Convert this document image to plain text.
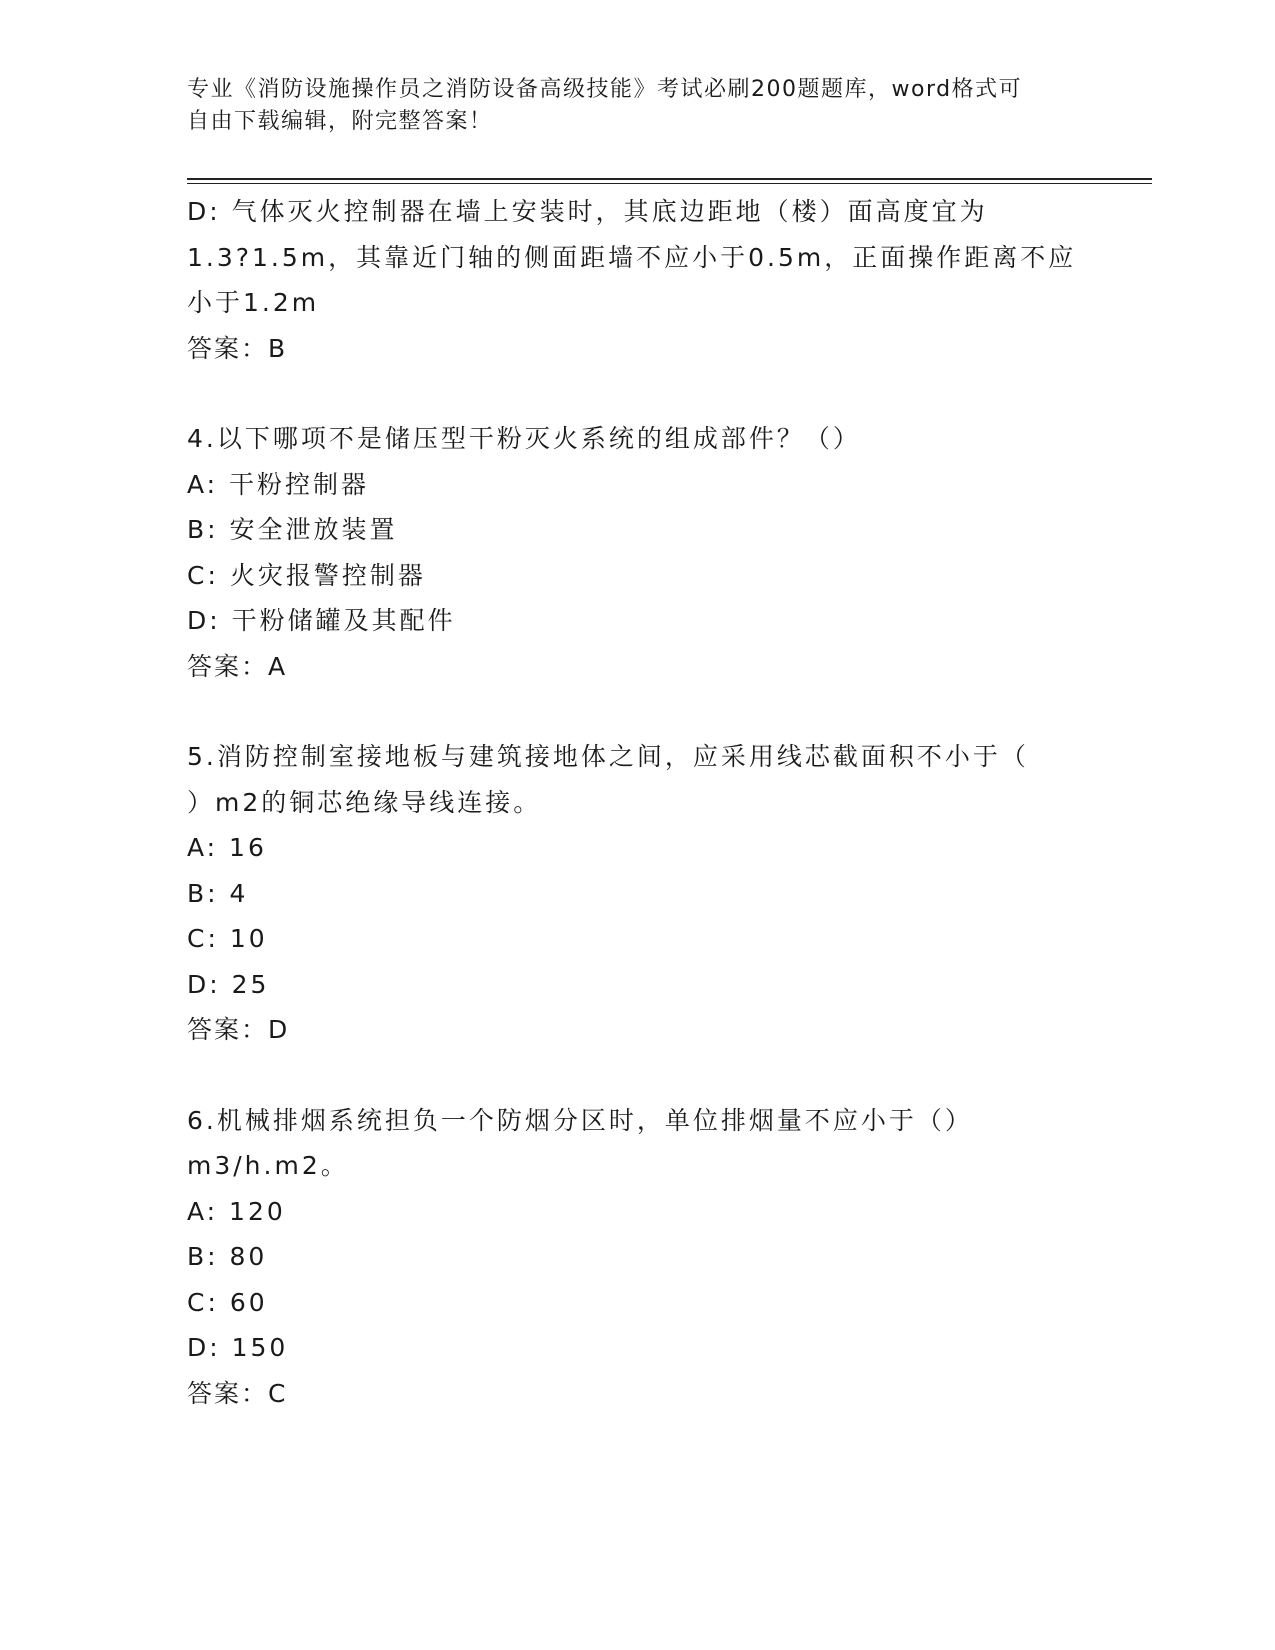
专业《消防设施操作员之消防设备高级技能》考试必刷200题题库，word格式可
自由下载编辑，附完整答案！
D: 气体灭火控制器在墙上安装时，其底边距地（楼）面高度宜为
1.3?1.5m，其靠近门轴的侧面距墙不应小于0.5m，正面操作距离不应
小于1.2m
答案：B
4.以下哪项不是储压型干粉灭火系统的组成部件？（）
A: 干粉控制器
B: 安全泄放装置
C: 火灾报警控制器
D: 干粉储罐及其配件
答案：A
5.消防控制室接地板与建筑接地体之间，应采用线芯截面积不小于（
）m2的铜芯绝缘导线连接。
A: 16
B: 4
C: 10
D: 25
答案：D
6.机械排烟系统担负一个防烟分区时，单位排烟量不应小于（）
m3/h.m2。
A: 120
B: 80
C: 60
D: 150
答案：C
